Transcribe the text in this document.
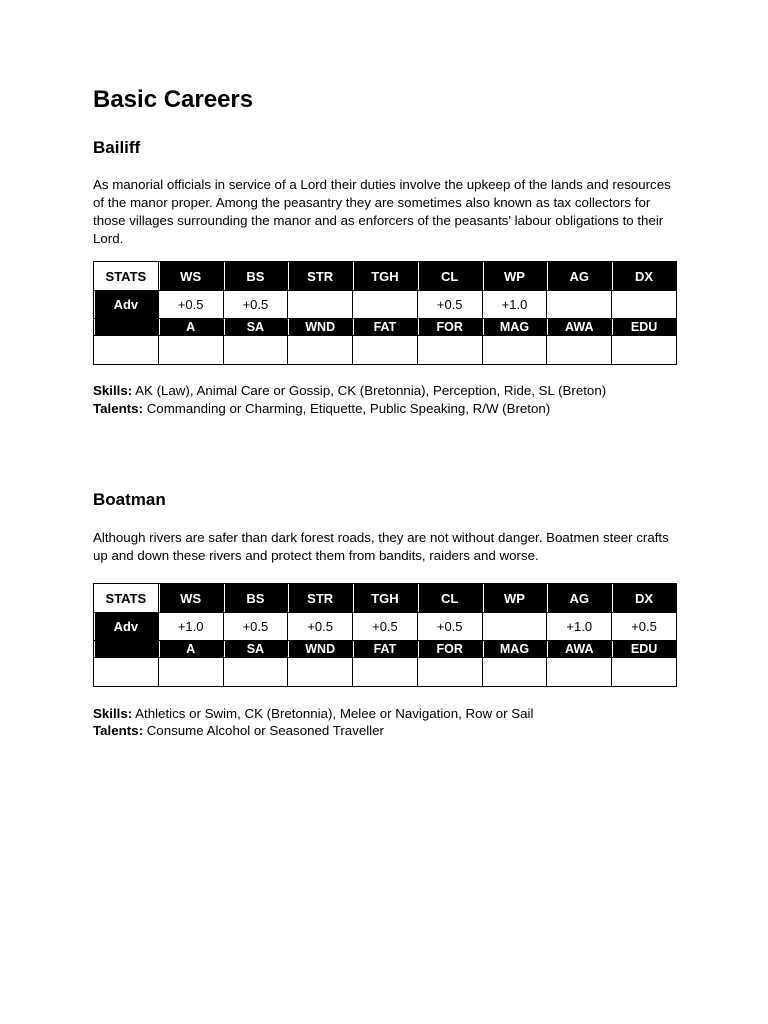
Basic Careers
Bailiff

As manorial officials in service of a Lord their duties involve the upkeep of the lands and resources of the manor proper. Among the peasantry they are sometimes also known as tax collectors for those villages surrounding the manor and as enforcers of the peasants' labour obligations to their Lord.

STATS	WS	BS	STR	TGH	CL	WP	AG	DX
Adv	+0.5	+0.5			+0.5	+1.0		
	A	SA	WND	FAT	FOR	MAG	AWA	EDU

Skills: AK (Law), Animal Care or Gossip, CK (Bretonnia), Perception, Ride, SL (Breton)

Talents: Commanding or Charming, Etiquette, Public Speaking, R/W (Breton)

Boatman

Although rivers are safer than dark forest roads, they are not without danger. Boatmen steer crafts up and down these rivers and protect them from bandits, raiders and worse.

STATS	WS	BS	STR	TGH	CL	WP	AG	DX
Adv	+1.0	+0.5	+0.5	+0.5	+0.5		+1.0	+0.5
	A	SA	WND	FAT	FOR	MAG	AWA	EDU

Skills: Athletics or Swim, CK (Bretonnia), Melee or Navigation, Row or Sail

Talents: Consume Alcohol or Seasoned Traveller
